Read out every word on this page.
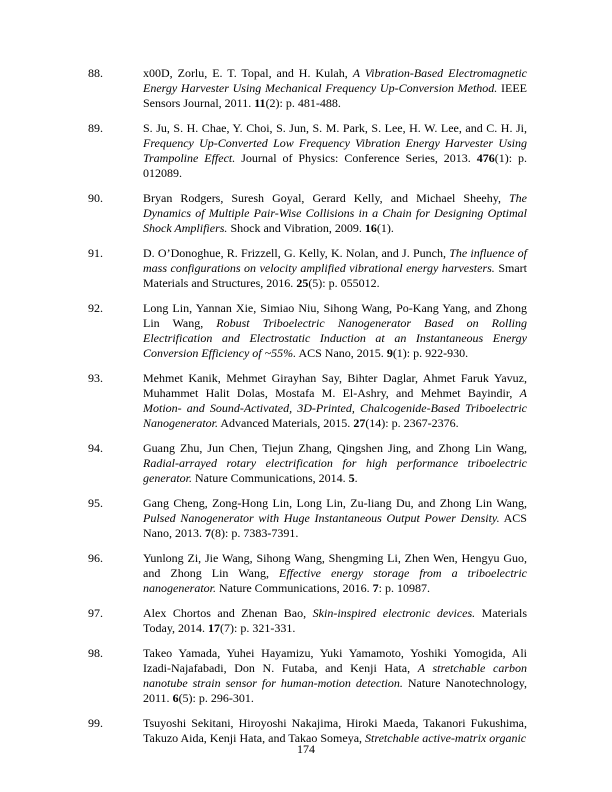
88.	x00D, Zorlu, E. T. Topal, and H. Kulah, A Vibration-Based Electromagnetic Energy Harvester Using Mechanical Frequency Up-Conversion Method. IEEE Sensors Journal, 2011. 11(2): p. 481-488.
89.	S. Ju, S. H. Chae, Y. Choi, S. Jun, S. M. Park, S. Lee, H. W. Lee, and C. H. Ji, Frequency Up-Converted Low Frequency Vibration Energy Harvester Using Trampoline Effect. Journal of Physics: Conference Series, 2013. 476(1): p. 012089.
90.	Bryan Rodgers, Suresh Goyal, Gerard Kelly, and Michael Sheehy, The Dynamics of Multiple Pair-Wise Collisions in a Chain for Designing Optimal Shock Amplifiers. Shock and Vibration, 2009. 16(1).
91.	D. O’Donoghue, R. Frizzell, G. Kelly, K. Nolan, and J. Punch, The influence of mass configurations on velocity amplified vibrational energy harvesters. Smart Materials and Structures, 2016. 25(5): p. 055012.
92.	Long Lin, Yannan Xie, Simiao Niu, Sihong Wang, Po-Kang Yang, and Zhong Lin Wang, Robust Triboelectric Nanogenerator Based on Rolling Electrification and Electrostatic Induction at an Instantaneous Energy Conversion Efficiency of ~55%. ACS Nano, 2015. 9(1): p. 922-930.
93.	Mehmet Kanik, Mehmet Girayhan Say, Bihter Daglar, Ahmet Faruk Yavuz, Muhammet Halit Dolas, Mostafa M. El-Ashry, and Mehmet Bayindir, A Motion- and Sound-Activated, 3D-Printed, Chalcogenide-Based Triboelectric Nanogenerator. Advanced Materials, 2015. 27(14): p. 2367-2376.
94.	Guang Zhu, Jun Chen, Tiejun Zhang, Qingshen Jing, and Zhong Lin Wang, Radial-arrayed rotary electrification for high performance triboelectric generator. Nature Communications, 2014. 5.
95.	Gang Cheng, Zong-Hong Lin, Long Lin, Zu-liang Du, and Zhong Lin Wang, Pulsed Nanogenerator with Huge Instantaneous Output Power Density. ACS Nano, 2013. 7(8): p. 7383-7391.
96.	Yunlong Zi, Jie Wang, Sihong Wang, Shengming Li, Zhen Wen, Hengyu Guo, and Zhong Lin Wang, Effective energy storage from a triboelectric nanogenerator. Nature Communications, 2016. 7: p. 10987.
97.	Alex Chortos and Zhenan Bao, Skin-inspired electronic devices. Materials Today, 2014. 17(7): p. 321-331.
98.	Takeo Yamada, Yuhei Hayamizu, Yuki Yamamoto, Yoshiki Yomogida, Ali Izadi-Najafabadi, Don N. Futaba, and Kenji Hata, A stretchable carbon nanotube strain sensor for human-motion detection. Nature Nanotechnology, 2011. 6(5): p. 296-301.
99.	Tsuyoshi Sekitani, Hiroyoshi Nakajima, Hiroki Maeda, Takanori Fukushima, Takuzo Aida, Kenji Hata, and Takao Someya, Stretchable active-matrix organic
174
